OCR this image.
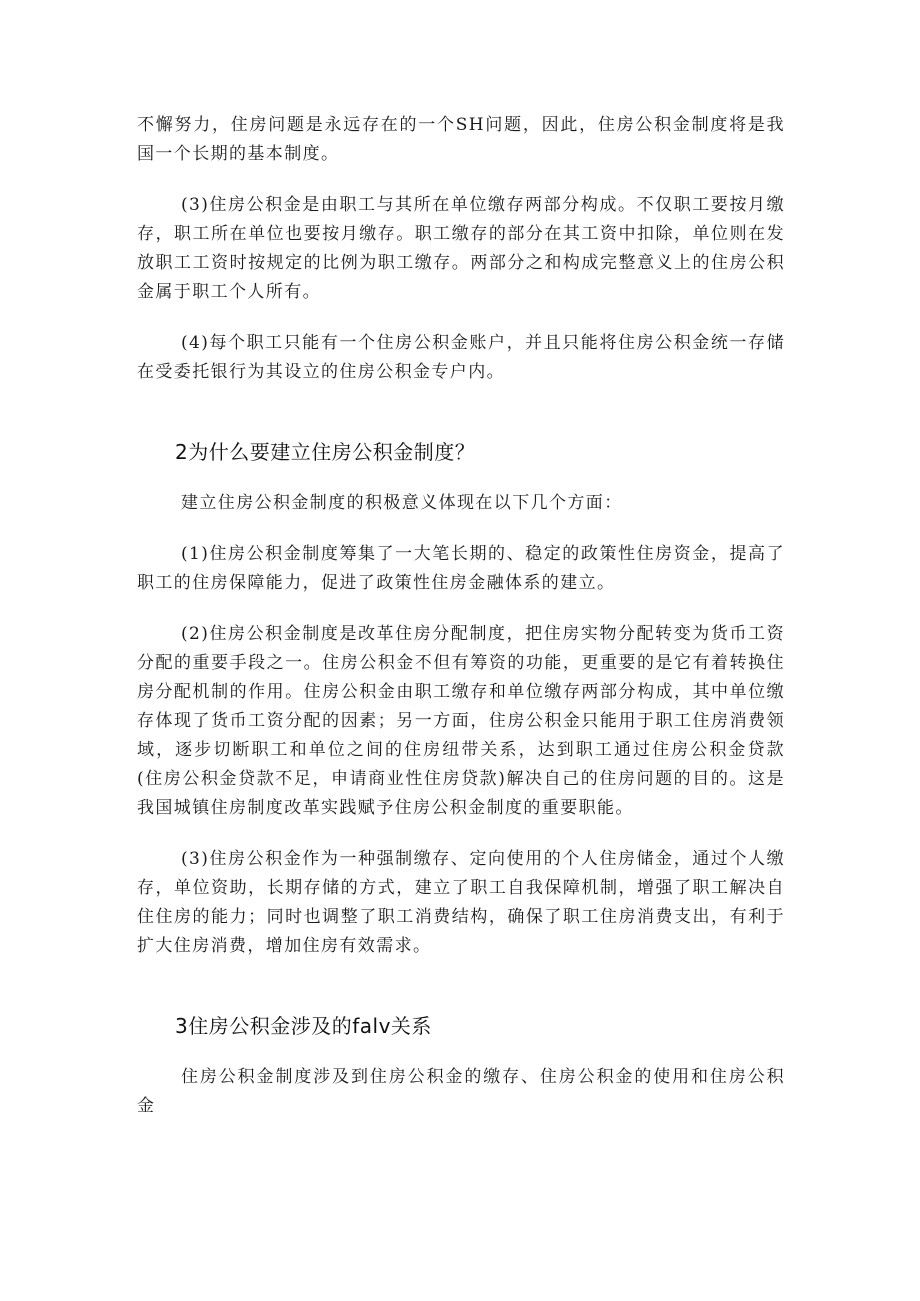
不懈努力，住房问题是永远存在的一个SH问题，因此，住房公积金制度将是我国一个长期的基本制度。

(3)住房公积金是由职工与其所在单位缴存两部分构成。不仅职工要按月缴存，职工所在单位也要按月缴存。职工缴存的部分在其工资中扣除，单位则在发放职工工资时按规定的比例为职工缴存。两部分之和构成完整意义上的住房公积金属于职工个人所有。

(4)每个职工只能有一个住房公积金账户，并且只能将住房公积金统一存储在受委托银行为其设立的住房公积金专户内。

2为什么要建立住房公积金制度？

建立住房公积金制度的积极意义体现在以下几个方面：

(1)住房公积金制度筹集了一大笔长期的、稳定的政策性住房资金，提高了职工的住房保障能力，促进了政策性住房金融体系的建立。

(2)住房公积金制度是改革住房分配制度，把住房实物分配转变为货币工资分配的重要手段之一。住房公积金不但有筹资的功能，更重要的是它有着转换住房分配机制的作用。住房公积金由职工缴存和单位缴存两部分构成，其中单位缴存体现了货币工资分配的因素；另一方面，住房公积金只能用于职工住房消费领域，逐步切断职工和单位之间的住房纽带关系，达到职工通过住房公积金贷款(住房公积金贷款不足，申请商业性住房贷款)解决自己的住房问题的目的。这是我国城镇住房制度改革实践赋予住房公积金制度的重要职能。

(3)住房公积金作为一种强制缴存、定向使用的个人住房储金，通过个人缴存，单位资助，长期存储的方式，建立了职工自我保障机制，增强了职工解决自住住房的能力；同时也调整了职工消费结构，确保了职工住房消费支出，有利于扩大住房消费，增加住房有效需求。

3住房公积金涉及的falv关系

住房公积金制度涉及到住房公积金的缴存、住房公积金的使用和住房公积金
